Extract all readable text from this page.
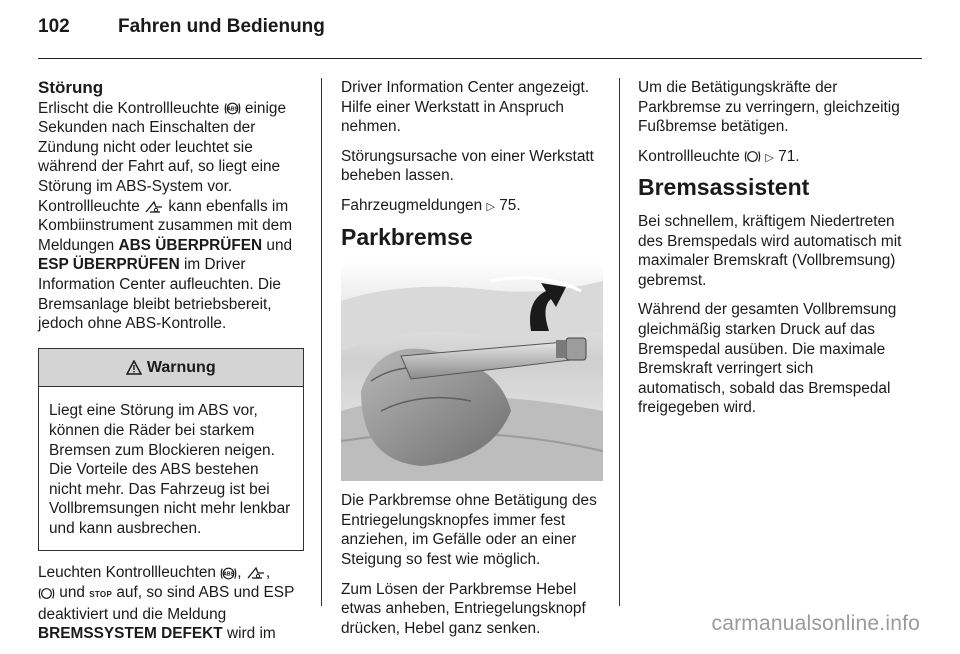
102	Fahren und Bedienung
Störung

Erlischt die Kontrollleuchte ABS einige Sekunden nach Einschalten der Zündung nicht oder leuchtet sie während der Fahrt auf, so liegt eine Störung im ABS-System vor. Kontrollleuchte kann ebenfalls im Kombiinstrument zusammen mit dem Meldungen ABS ÜBERPRÜFEN und ESP ÜBERPRÜFEN im Driver Information Center aufleuchten. Die Bremsanlage bleibt betriebsbereit, jedoch ohne ABS-Kontrolle.

Warnung
Liegt eine Störung im ABS vor, können die Räder bei starkem Bremsen zum Blockieren neigen. Die Vorteile des ABS bestehen nicht mehr. Das Fahrzeug ist bei Vollbremsungen nicht mehr lenkbar und kann ausbrechen.

Leuchten Kontrollleuchten ABS , ,
und STOP auf, so sind ABS und ESP deaktiviert und die Meldung BREMSSYSTEM DEFEKT wird im

Driver Information Center angezeigt. Hilfe einer Werkstatt in Anspruch nehmen.

Störungsursache von einer Werkstatt beheben lassen.

Fahrzeugmeldungen ▷ 75.

Parkbremse

Die Parkbremse ohne Betätigung des Entriegelungsknopfes immer fest anziehen, im Gefälle oder an einer Steigung so fest wie möglich.

Zum Lösen der Parkbremse Hebel etwas anheben, Entriegelungsknopf drücken, Hebel ganz senken.

Um die Betätigungskräfte der Parkbremse zu verringern, gleichzeitig Fußbremse betätigen.

Kontrollleuchte ▷ 71.

Bremsassistent

Bei schnellem, kräftigem Niedertreten des Bremspedals wird automatisch mit maximaler Bremskraft (Vollbremsung) gebremst.

Während der gesamten Vollbremsung gleichmäßig starken Druck auf das Bremspedal ausüben. Die maximale Bremskraft verringert sich automatisch, sobald das Bremspedal freigegeben wird.

carmanualsonline.info
